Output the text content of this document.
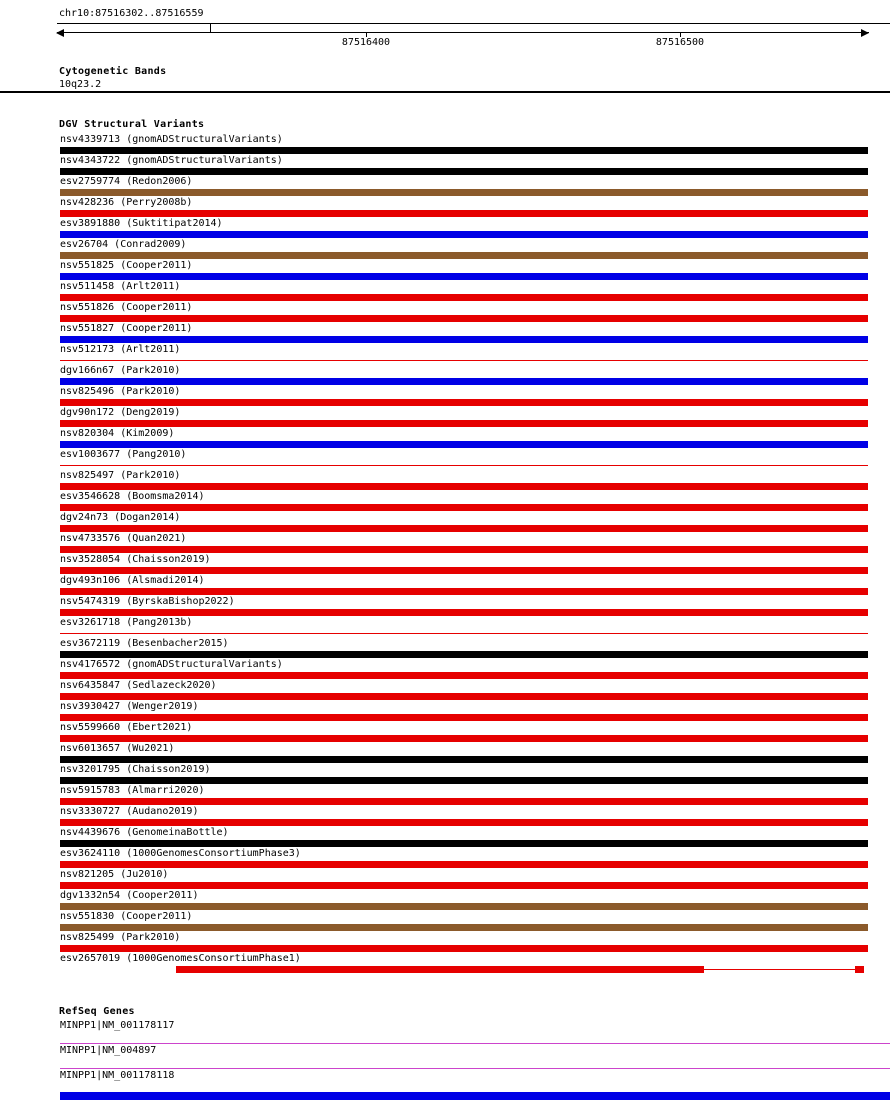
chr10:87516302..87516559
87516400	87516500
Cytogenetic Bands
10q23.2
DGV Structural Variants
nsv4339713 (gnomADStructuralVariants)
nsv4343722 (gnomADStructuralVariants)
esv2759774 (Redon2006)
nsv428236 (Perry2008b)
esv3891880 (Suktitipat2014)
esv26704 (Conrad2009)
nsv551825 (Cooper2011)
nsv511458 (Arlt2011)
nsv551826 (Cooper2011)
nsv551827 (Cooper2011)
nsv512173 (Arlt2011)
dgv166n67 (Park2010)
nsv825496 (Park2010)
dgv90n172 (Deng2019)
nsv820304 (Kim2009)
esv1003677 (Pang2010)
nsv825497 (Park2010)
esv3546628 (Boomsma2014)
dgv24n73 (Dogan2014)
nsv4733576 (Quan2021)
nsv3528054 (Chaisson2019)
dgv493n106 (Alsmadi2014)
nsv5474319 (ByrskaBishop2022)
esv3261718 (Pang2013b)
esv3672119 (Besenbacher2015)
nsv4176572 (gnomADStructuralVariants)
nsv6435847 (Sedlazeck2020)
nsv3930427 (Wenger2019)
nsv5599660 (Ebert2021)
nsv6013657 (Wu2021)
nsv3201795 (Chaisson2019)
nsv5915783 (Almarri2020)
nsv3330727 (Audano2019)
nsv4439676 (GenomeinaBottle)
esv3624110 (1000GenomesConsortiumPhase3)
nsv821205 (Ju2010)
dgv1332n54 (Cooper2011)
nsv551830 (Cooper2011)
nsv825499 (Park2010)
esv2657019 (1000GenomesConsortiumPhase1)
RefSeq Genes
MINPP1|NM_001178117
MINPP1|NM_004897
MINPP1|NM_001178118
